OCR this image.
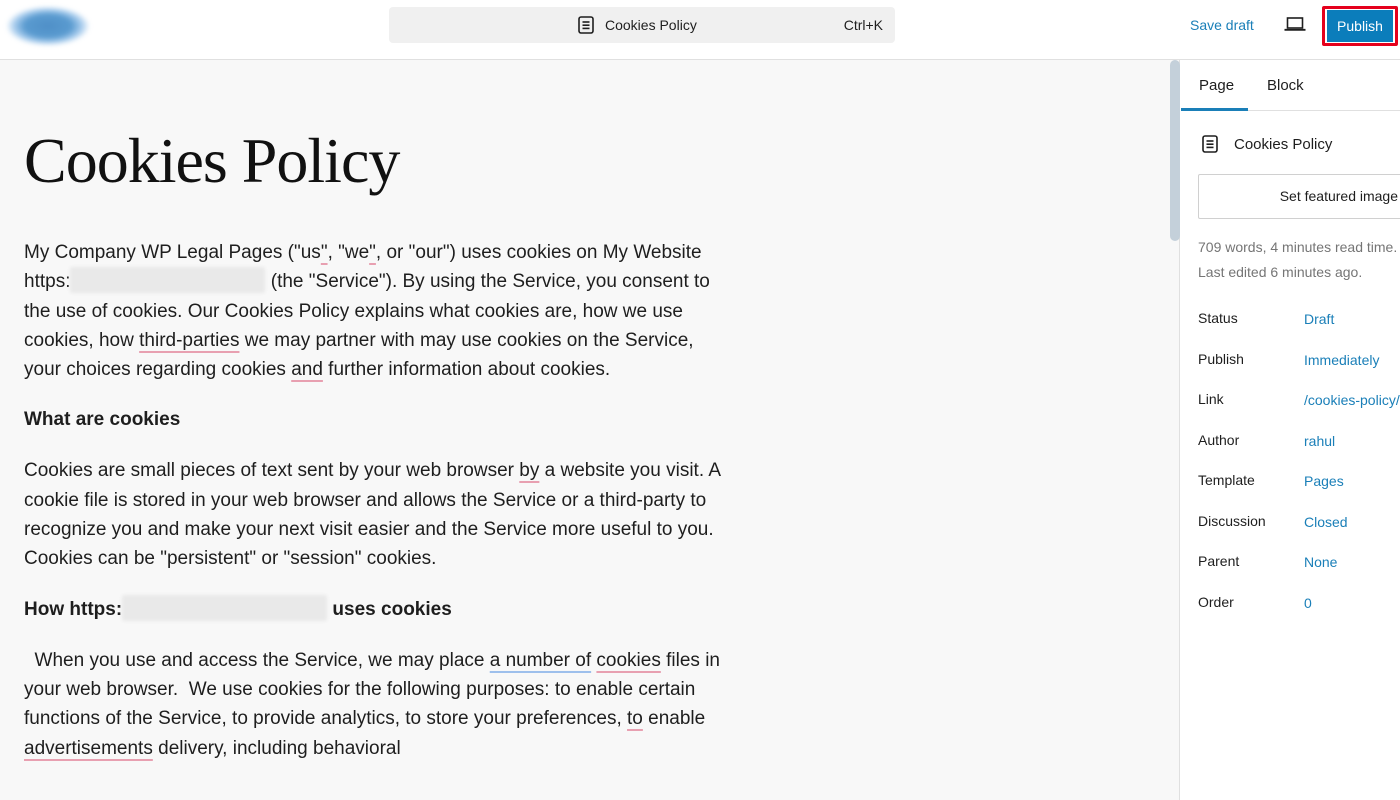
Cookies Policy	Ctrl+K	Save draft	Publish
Cookies Policy

My Company WP Legal Pages ("us", "we", or "our") uses cookies on My Website https:	(the "Service"). By using the Service, you consent to the use of cookies. Our Cookies Policy explains what cookies are, how we use cookies, how third-parties we may partner with may use cookies on the Service, your choices regarding cookies and further information about cookies.

What are cookies

Cookies are small pieces of text sent by your web browser by a website you visit. A cookie file is stored in your web browser and allows the Service or a third-party to recognize you and make your next visit easier and the Service more useful to you. Cookies can be "persistent" or "session" cookies.

How https:	uses cookies

When you use and access the Service, we may place a number of cookies files in your web browser.  We use cookies for the following purposes: to enable certain functions of the Service, to provide analytics, to store your preferences, to enable advertisements delivery, including behavioral

Page Block
Cookies Policy
Set featured image
709 words, 4 minutes read time.
Last edited 6 minutes ago.
Status	Draft
Publish	Immediately
Link	/cookies-policy/
Author	rahul
Template	Pages
Discussion	Closed
Parent	None
Order	0
